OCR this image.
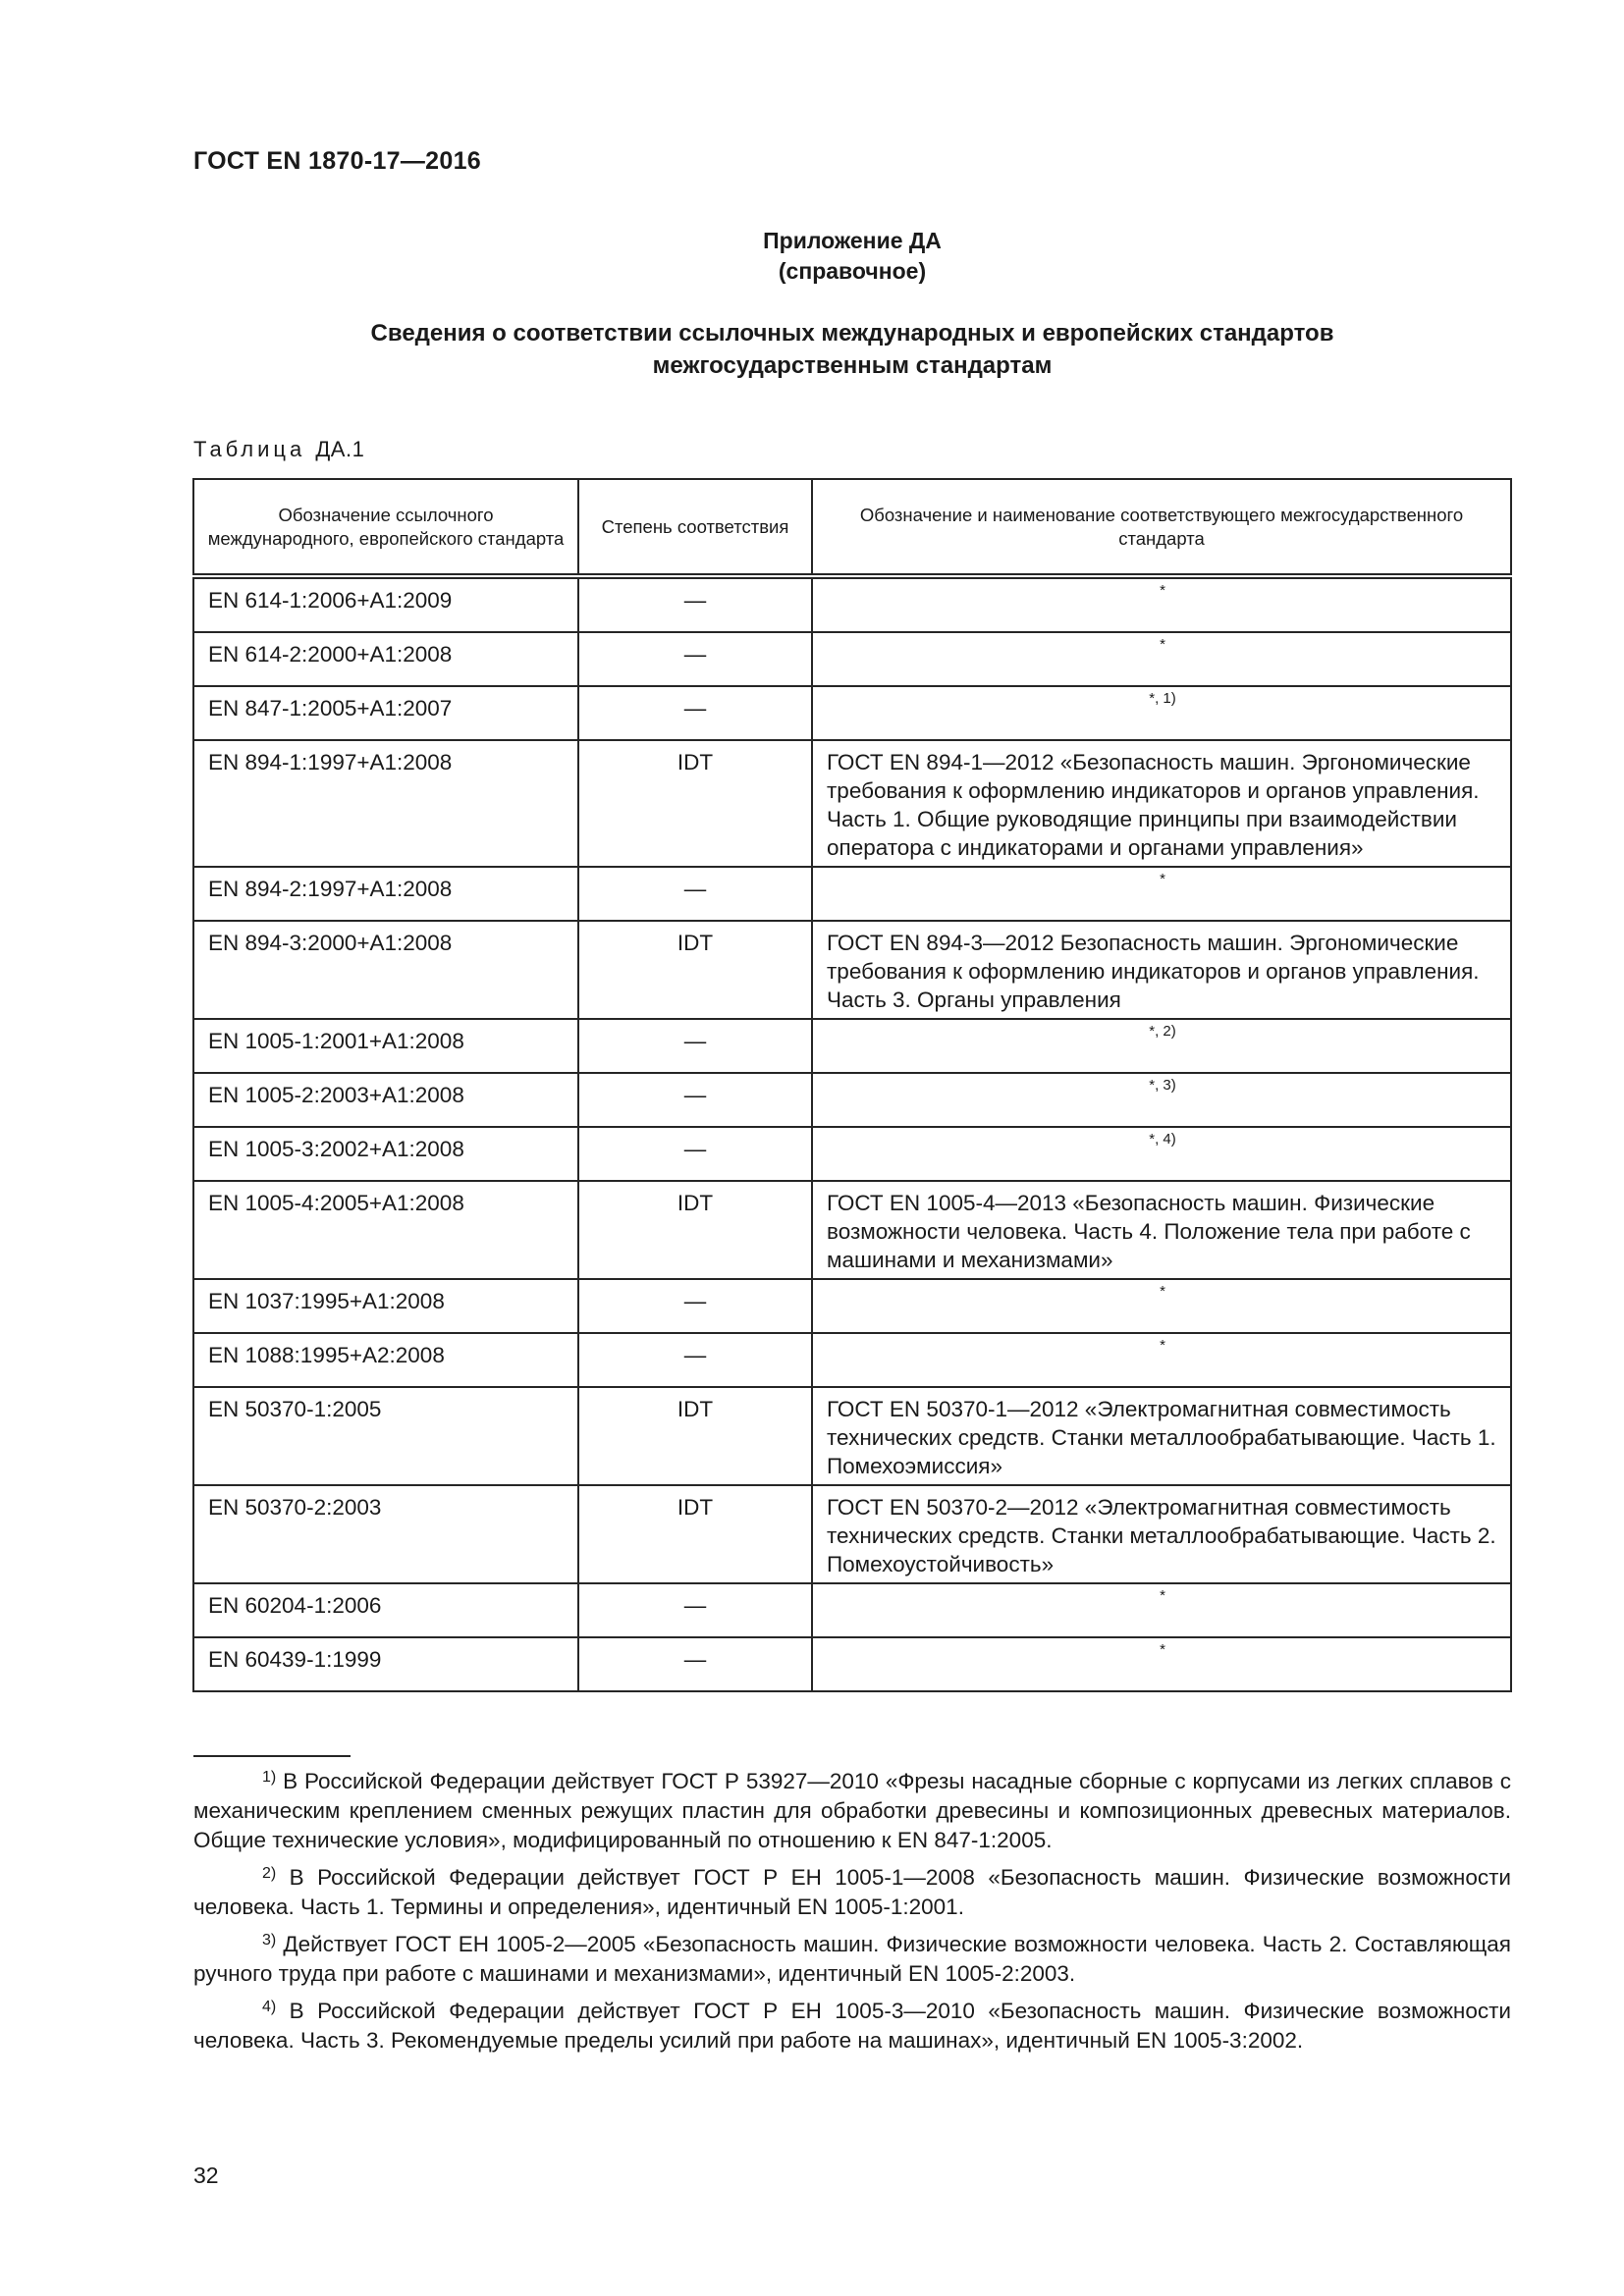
ГОСТ EN 1870-17—2016
Приложение ДА
(справочное)
Сведения о соответствии ссылочных международных и европейских стандартов
межгосударственным стандартам
Таблица ДА.1
Обозначение ссылочного международного, европейского стандарта	Степень соответствия	Обозначение и наименование соответствующего межгосударственного стандарта
EN 614-1:2006+A1:2009	—	*
EN 614-2:2000+A1:2008	—	*
EN 847-1:2005+A1:2007	—	*, 1)
EN 894-1:1997+A1:2008	IDT	ГОСТ EN 894-1—2012 «Безопасность машин. Эргономические требования к оформлению индикаторов и органов управления. Часть 1. Общие руководящие принципы при взаимодействии оператора с индикаторами и органами управления»
EN 894-2:1997+A1:2008	—	*
EN 894-3:2000+A1:2008	IDT	ГОСТ EN 894-3—2012 Безопасность машин. Эргономические требования к оформлению индикаторов и органов управления. Часть 3. Органы управления
EN 1005-1:2001+A1:2008	—	*, 2)
EN 1005-2:2003+A1:2008	—	*, 3)
EN 1005-3:2002+A1:2008	—	*, 4)
EN 1005-4:2005+A1:2008	IDT	ГОСТ EN 1005-4—2013 «Безопасность машин. Физические возможности человека. Часть 4. Положение тела при работе с машинами и механизмами»
EN 1037:1995+A1:2008	—	*
EN 1088:1995+A2:2008	—	*
EN 50370-1:2005	IDT	ГОСТ EN 50370-1—2012 «Электромагнитная совместимость технических средств. Станки металлообрабатывающие. Часть 1. Помехоэмиссия»
EN 50370-2:2003	IDT	ГОСТ EN 50370-2—2012 «Электромагнитная совместимость технических средств. Станки металлообрабатывающие. Часть 2. Помехоустойчивость»
EN 60204-1:2006	—	*
EN 60439-1:1999	—	*

$^{1)}$ В Российской Федерации действует ГОСТ Р 53927—2010 «Фрезы насадные сборные с корпусами из легких сплавов с механическим креплением сменных режущих пластин для обработки древесины и композиционных древесных материалов. Общие технические условия», модифицированный по отношению к EN 847-1:2005.

$^{2)}$ В Российской Федерации действует ГОСТ Р ЕН 1005-1—2008 «Безопасность машин. Физические возможности человека. Часть 1. Термины и определения», идентичный EN 1005-1:2001.

$^{3)}$ Действует ГОСТ ЕН 1005-2—2005 «Безопасность машин. Физические возможности человека. Часть 2. Составляющая ручного труда при работе с машинами и механизмами», идентичный EN 1005-2:2003.

$^{4)}$ В Российской Федерации действует ГОСТ Р ЕН 1005-3—2010 «Безопасность машин. Физические возможности человека. Часть 3. Рекомендуемые пределы усилий при работе на машинах», идентичный EN 1005-3:2002.

32
